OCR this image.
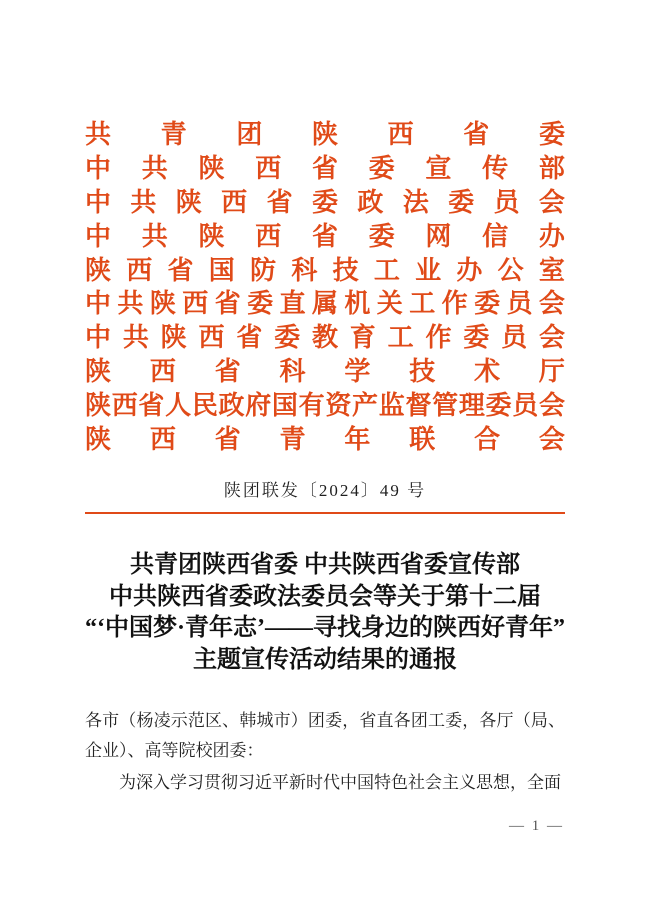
共 青 团 陕 西 省 委
中 共 陕 西 省 委 宣 传 部
中 共 陕 西 省 委 政 法 委 员 会
中 共 陕 西 省 委 网 信 办
陕 西 省 国 防 科 技 工 业 办 公 室
中 共 陕 西 省 委 直 属 机 关 工 作 委 员 会
中 共 陕 西 省 委 教 育 工 作 委 员 会
陕 西 省 科 学 技 术 厅
陕 西 省 人 民 政 府 国 有 资 产 监 督 管 理 委 员 会
陕 西 省 青 年 联 合 会
陕团联发〔2024〕49 号
共青团陕西省委 中共陕西省委宣传部
中共陕西省委政法委员会等关于第十二届
“‘中国梦·青年志’——寻找身边的陕西好青年”
主题宣传活动结果的通报

各市（杨凌示范区、韩城市）团委，省直各团工委，各厅（局、企业）、高等院校团委：

为深入学习贯彻习近平新时代中国特色社会主义思想，全面

— 1 —
